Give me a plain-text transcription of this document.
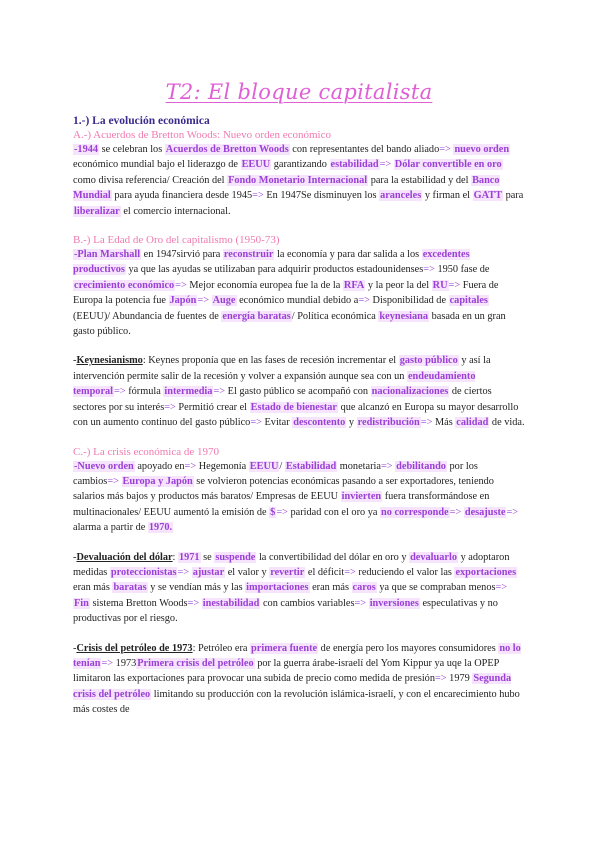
T2: El bloque capitalista
1.-) La evolución económica
A.-) Acuerdos de Bretton Woods: Nuevo orden económico

-1944 se celebran los Acuerdos de Bretton Woods con representantes del bando aliado=> nuevo orden económico mundial bajo el liderazgo de EEUU garantizando estabilidad=> Dólar convertible en oro como divisa referencia/ Creación del Fondo Monetario Internacional para la estabilidad y del Banco Mundial para ayuda financiera desde 1945=> En 1947Se disminuyen los aranceles y firman el GATT para liberalizar el comercio internacional.

B.-) La Edad de Oro del capitalismo (1950-73)

-Plan Marshall en 1947sirvió para reconstruir la economía y para dar salida a los excedentes productivos ya que las ayudas se utilizaban para adquirir productos estadounidenses=> 1950 fase de crecimiento económico=> Mejor economía europea fue la de la RFA y la peor la del RU=> Fuera de Europa la potencia fue Japón=> Auge económico mundial debido a=> Disponibilidad de capitales (EEUU)/ Abundancia de fuentes de energía baratas/ Política económica keynesiana basada en un gran gasto público.

-Keynesianismo: Keynes proponía que en las fases de recesión incrementar el gasto público y así la intervención permite salir de la recesión y volver a expansión aunque sea con un endeudamiento temporal=> fórmula intermedia=> El gasto público se acompañó con nacionalizaciones de ciertos sectores por su interés=> Permitió crear el Estado de bienestar que alcanzó en Europa su mayor desarrollo con un aumento continuo del gasto público=> Evitar descontento y redistribución=> Más calidad de vida.

C.-) La crisis económica de 1970

-Nuevo orden apoyado en=> Hegemonía EEUU/ Estabilidad monetaria=> debilitando por los cambios=> Europa y Japón se volvieron potencias económicas pasando a ser exportadores, teniendo salarios más bajos y productos más baratos/ Empresas de EEUU invierten fuera transformándose en multinacionales/ EEUU aumentó la emisión de $=> paridad con el oro ya no corresponde=> desajuste=> alarma a partir de 1970.

-Devaluación del dólar: 1971 se suspende la convertibilidad del dólar en oro y devaluarlo y adoptaron medidas proteccionistas=> ajustar el valor y revertir el déficit=> reduciendo el valor las exportaciones eran más baratas y se vendían más y las importaciones eran más caros ya que se compraban menos=> Fin sistema Bretton Woods=> inestabilidad con cambios variables=> inversiones especulativas y no productivas por el riesgo.

-Crisis del petróleo de 1973: Petróleo era primera fuente de energía pero los mayores consumidores no lo tenían=> 1973Primera crisis del petróleo por la guerra árabe-israelí del Yom Kippur ya uqe la OPEP limitaron las exportaciones para provocar una subida de precio como medida de presión=> 1979 Segunda crisis del petróleo limitando su producción con la revolución islámica-israelí, y con el encarecimiento hubo más costes de
